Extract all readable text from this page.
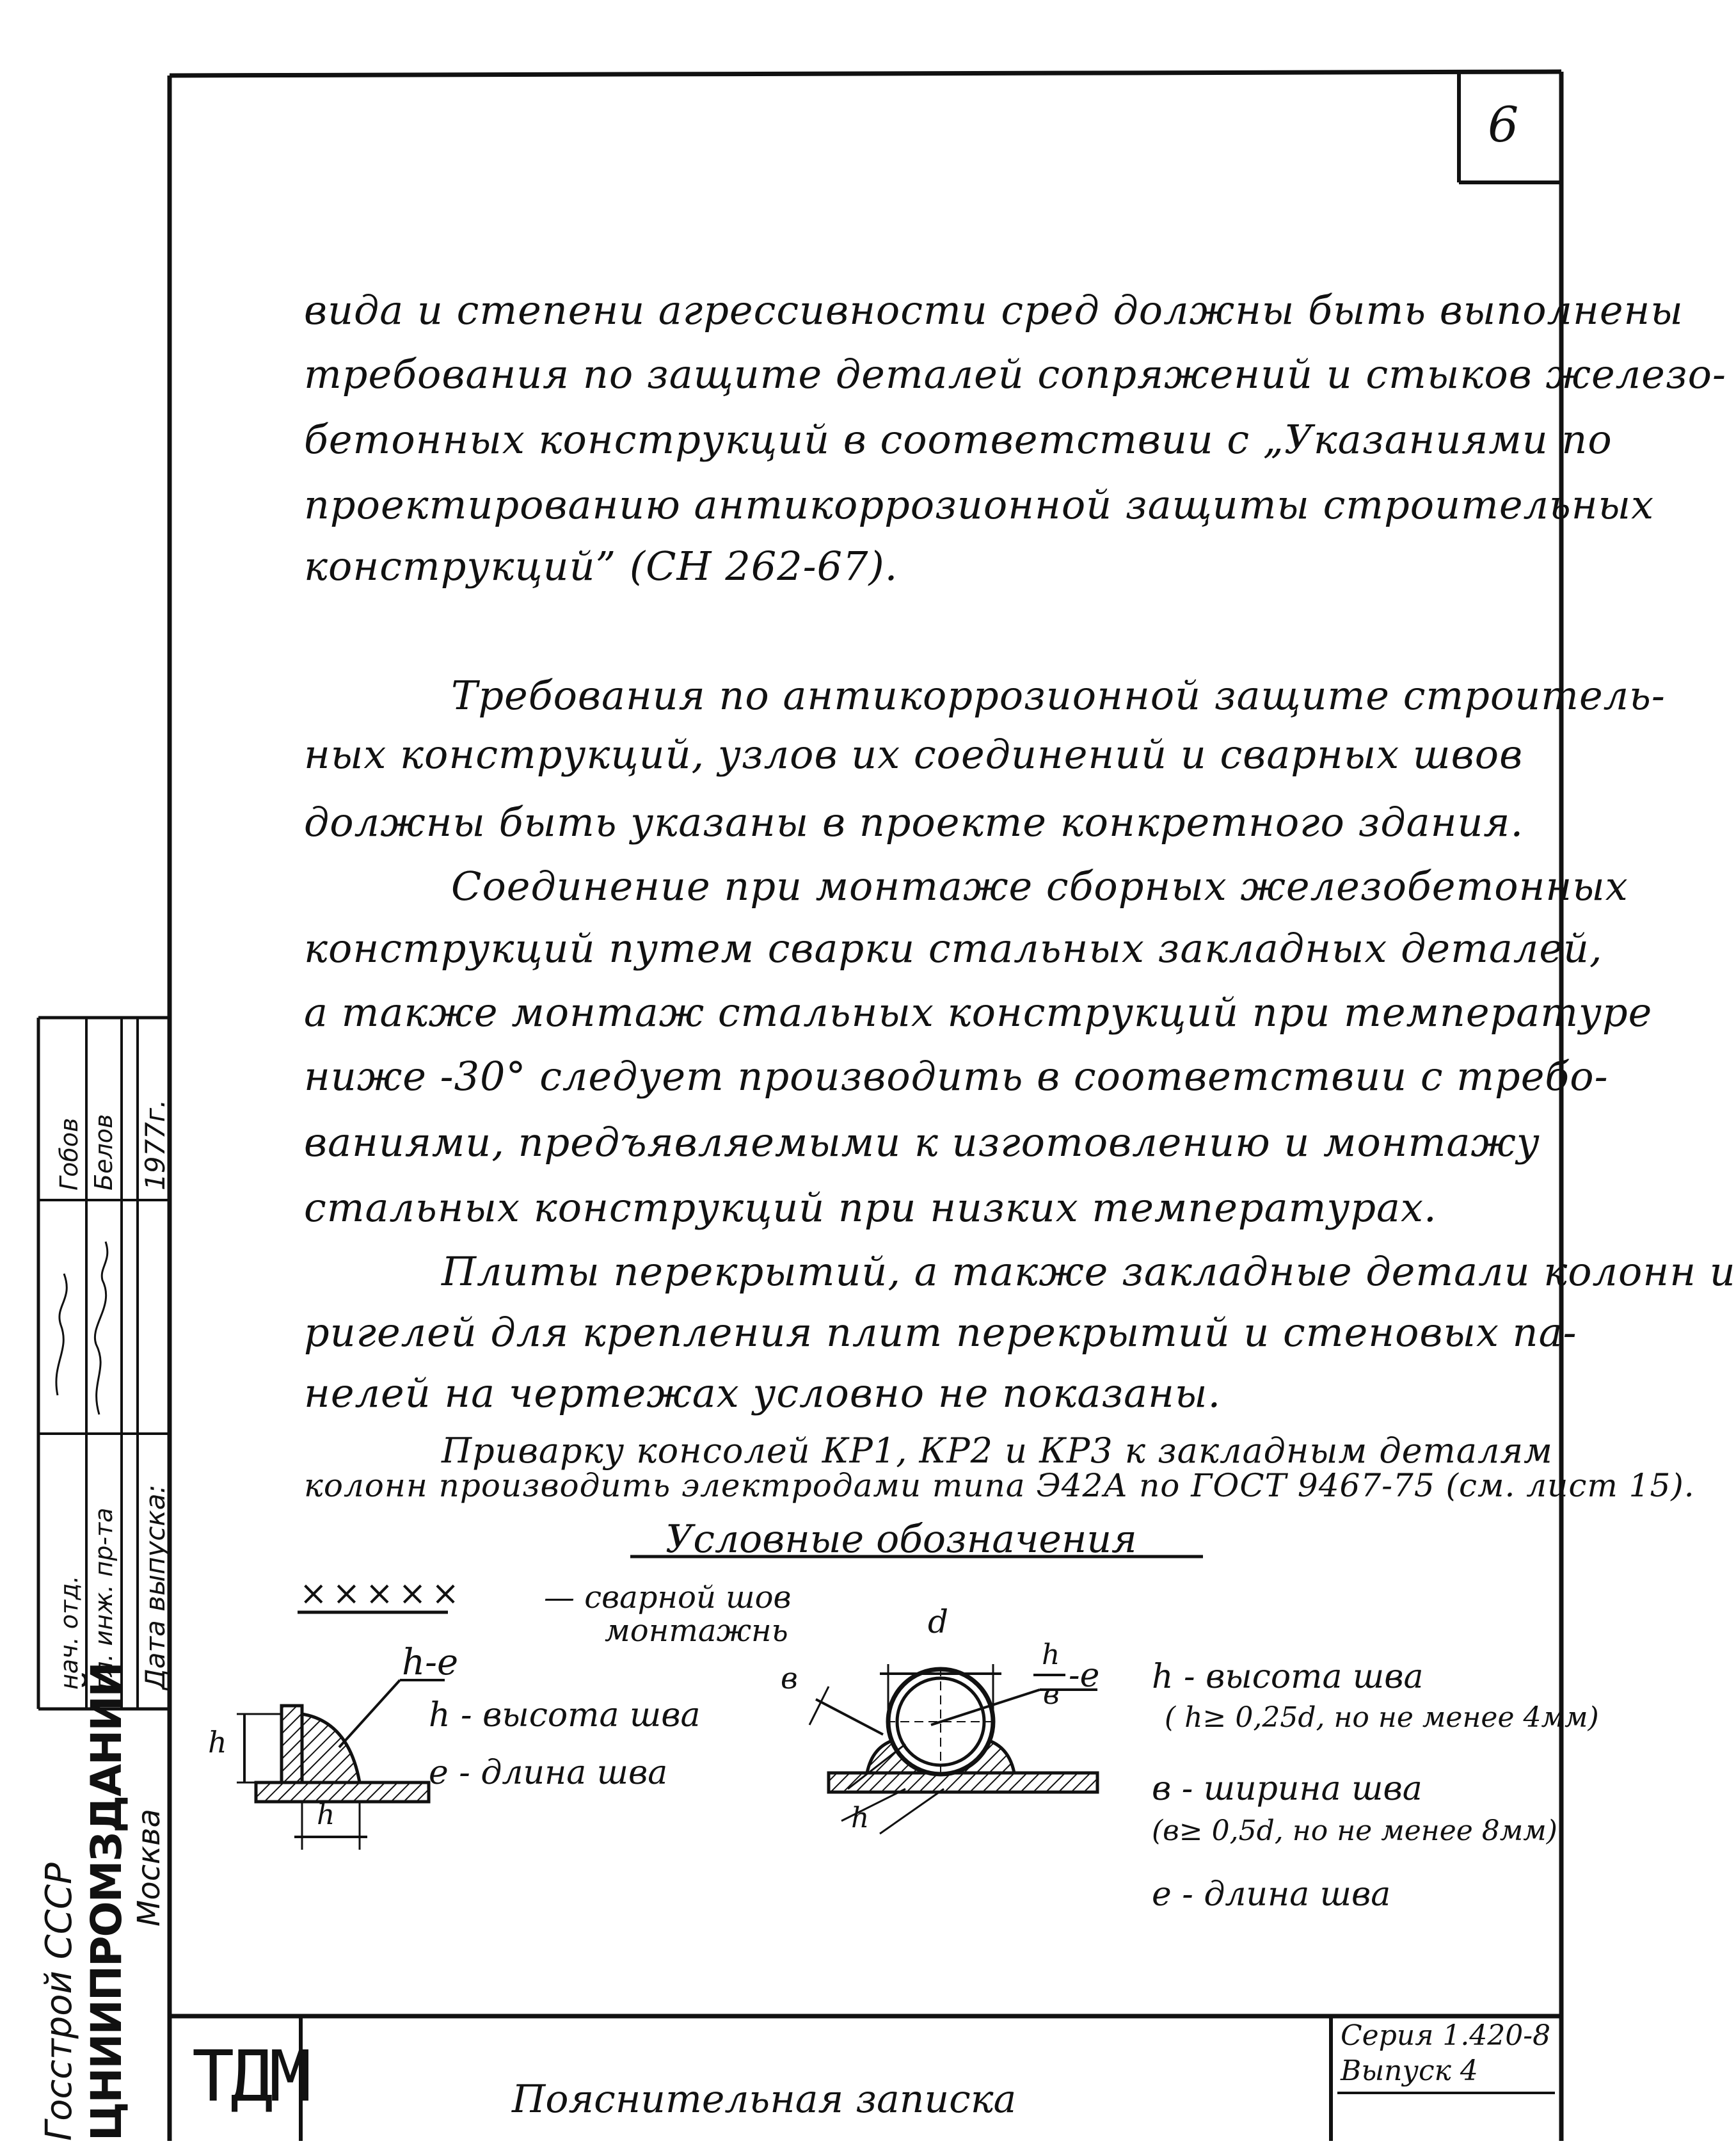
6
вида и степени агрессивности сред должны быть выполнены
требования по защите деталей сопряжений и стыков железо-
бетонных конструкций в соответствии с „Указаниями по
проектированию антикоррозионной защиты строительных
конструкций” (СН 262-67).
Требования по антикоррозионной защите строитель-
ных конструкций, узлов их соединений и сварных швов
должны быть указаны в проекте конкретного здания.
Соединение при монтаже сборных железобетонных
конструкций путем сварки стальных закладных деталей,
а также монтаж стальных конструкций при температуре
ниже -30° следует производить в соответствии с требо-
ваниями, предъявляемыми к изготовлению и монтажу
стальных конструкций при низких температурах.
Плиты перекрытий, а также закладные детали колонн и
ригелей для крепления плит перекрытий и стеновых па-
нелей на чертежах условно не показаны.
Приварку консолей КР1, КР2 и КР3 к закладным деталям
колонн производить электродами типа Э42А по ГОСТ 9467-75 (см. лист 15).
Условные обозначения
×××××	— сварной шов
монтажнь
h-e
h
h
h - высота шва
e - длина шва
d
в
h
h
в -e h - высота шва
( h≥ 0,25d, но не менее 4мм)
в - ширина шва
(в≥ 0,5d, но не менее 8мм)
e - длина шва
Госстрой СССР ЦНИИПРОМЗДАНИЙ Москва
нач. отд.
Гобов
гл. инж. пр-та
Белов
Дата выпуска:
1977г.
ТДМ	Пояснительная записка
Серия 1.420-8
Выпуск 4
